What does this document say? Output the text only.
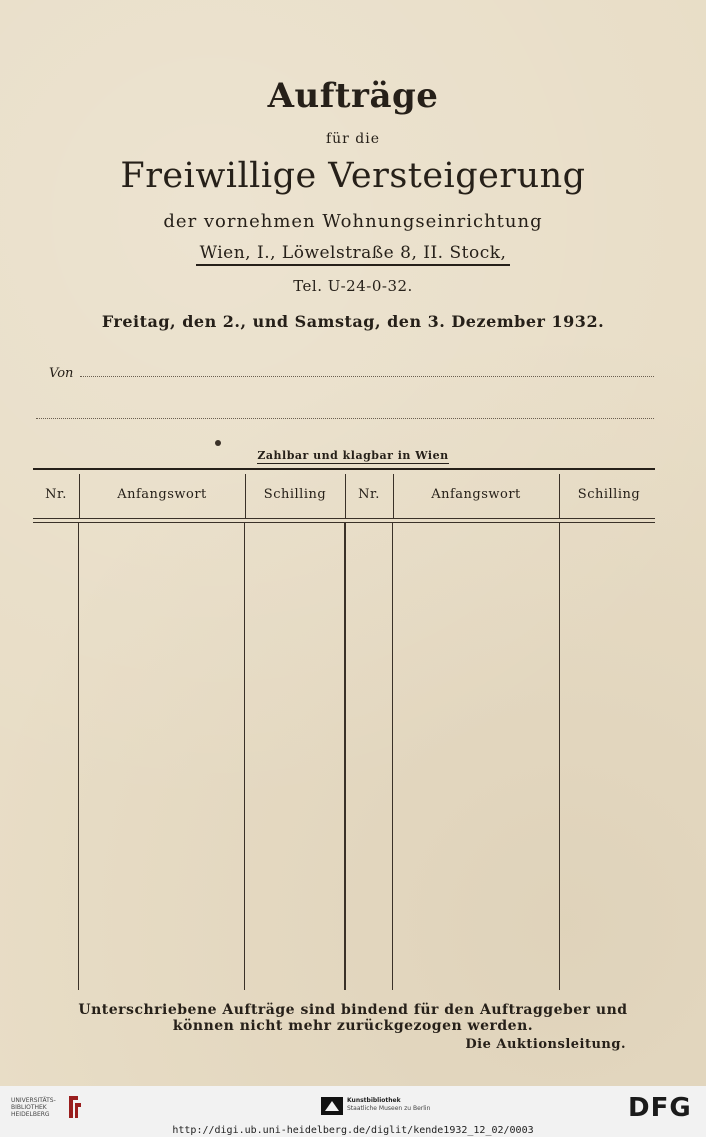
Aufträge
für die
Freiwillige Versteigerung
der vornehmen Wohnungseinrichtung
Wien, I., Löwelstraße 8, II. Stock,
Tel. U-24-0-32.
Freitag, den 2., und Samstag, den 3. Dezember 1932.
Von
Zahlbar und klagbar in Wien
Nr.	Anfangswort	Schilling	Nr.	Anfangswort	Schilling
Unterschriebene Aufträge sind bindend für den Auftraggeber und
können nicht mehr zurückgezogen werden.
Die Auktionsleitung.
UNIVERSITÄTS-
BIBLIOTHEK
HEIDELBERG
Kunstbibliothek
Staatliche Museen zu Berlin	DFG
http://digi.ub.uni-heidelberg.de/diglit/kende1932_12_02/0003
